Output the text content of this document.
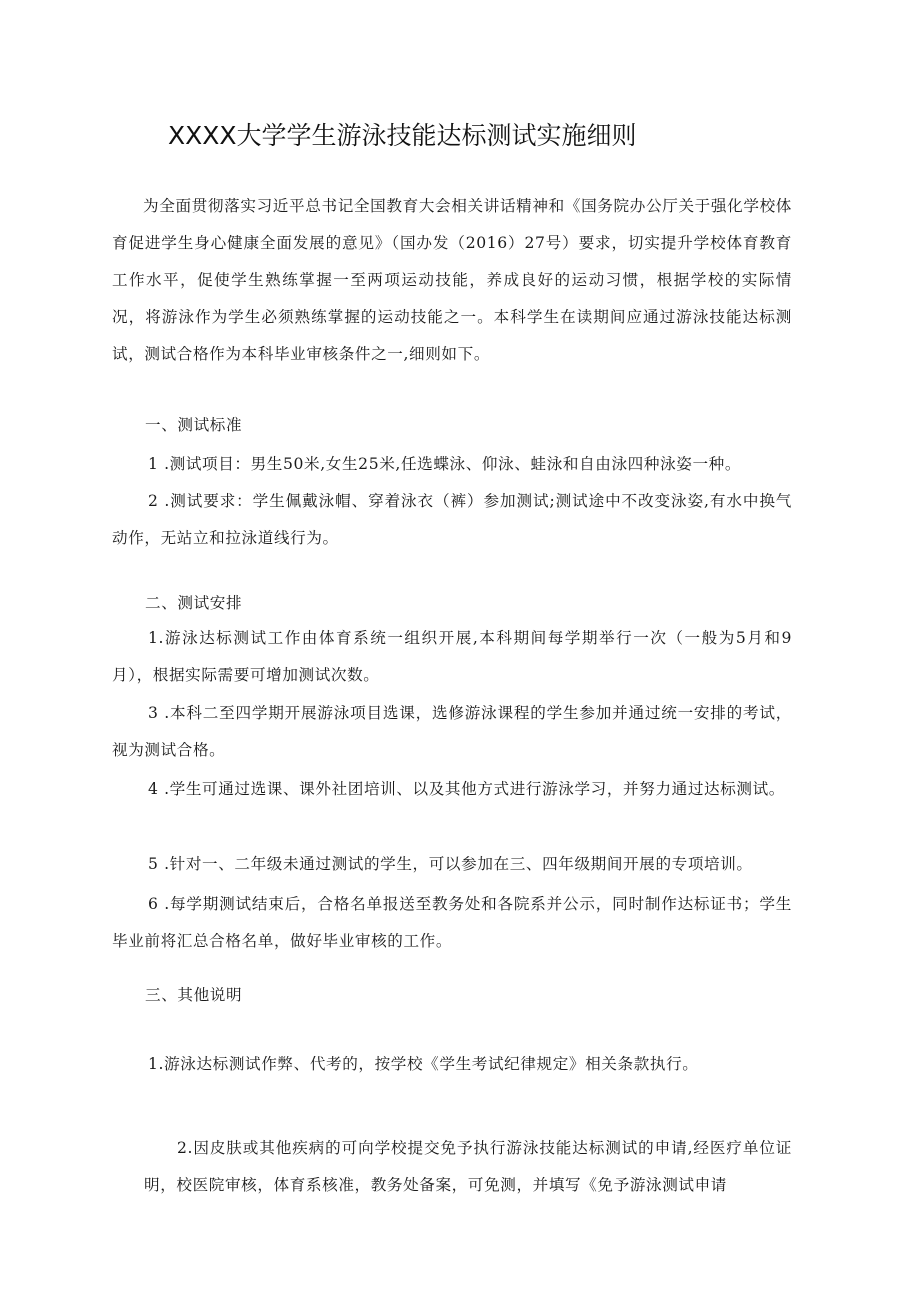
XXXX大学学生游泳技能达标测试实施细则

为全面贯彻落实习近平总书记全国教育大会相关讲话精神和《国务院办公厅关于强化学校体育促进学生身心健康全面发展的意见》（国办发（2016）27号）要求，切实提升学校体育教育工作水平，促使学生熟练掌握一至两项运动技能，养成良好的运动习惯，根据学校的实际情况，将游泳作为学生必须熟练掌握的运动技能之一。本科学生在读期间应通过游泳技能达标测试，测试合格作为本科毕业审核条件之一,细则如下。

一、测试标准

1 .测试项目：男生50米,女生25米,任选蝶泳、仰泳、蛙泳和自由泳四种泳姿一种。

2 .测试要求：学生佩戴泳帽、穿着泳衣（裤）参加测试;测试途中不改变泳姿,有水中换气动作，无站立和拉泳道线行为。

二、测试安排

1.游泳达标测试工作由体育系统一组织开展,本科期间每学期举行一次（一般为5月和9月），根据实际需要可增加测试次数。

3 .本科二至四学期开展游泳项目选课，选修游泳课程的学生参加并通过统一安排的考试，视为测试合格。

4 .学生可通过选课、课外社团培训、以及其他方式进行游泳学习，并努力通过达标测试。

5 .针对一、二年级未通过测试的学生，可以参加在三、四年级期间开展的专项培训。

6 .每学期测试结束后，合格名单报送至教务处和各院系并公示，同时制作达标证书；学生毕业前将汇总合格名单，做好毕业审核的工作。

三、其他说明

1.游泳达标测试作弊、代考的，按学校《学生考试纪律规定》相关条款执行。

2.因皮肤或其他疾病的可向学校提交免予执行游泳技能达标测试的申请,经医疗单位证明，校医院审核，体育系核准，教务处备案，可免测，并填写《免予游泳测试申请
